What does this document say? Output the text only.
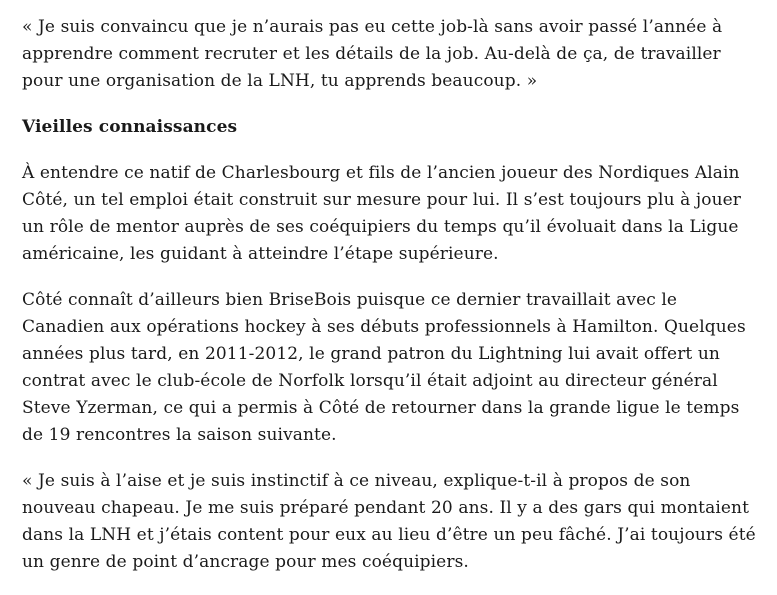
« Je suis convaincu que je n’aurais pas eu cette job-là sans avoir passé l’année à apprendre comment recruter et les détails de la job. Au-delà de ça, de travailler pour une organisation de la LNH, tu apprends beaucoup. »

Vieilles connaissances

À entendre ce natif de Charlesbourg et fils de l’ancien joueur des Nordiques Alain Côté, un tel emploi était construit sur mesure pour lui. Il s’est toujours plu à jouer un rôle de mentor auprès de ses coéquipiers du temps qu’il évoluait dans la Ligue américaine, les guidant à atteindre l’étape supérieure.

Côté connaît d’ailleurs bien BriseBois puisque ce dernier travaillait avec le Canadien aux opérations hockey à ses débuts professionnels à Hamilton. Quelques années plus tard, en 2011-2012, le grand patron du Lightning lui avait offert un contrat avec le club-école de Norfolk lorsqu’il était adjoint au directeur général Steve Yzerman, ce qui a permis à Côté de retourner dans la grande ligue le temps de 19 rencontres la saison suivante.

« Je suis à l’aise et je suis instinctif à ce niveau, explique-t-il à propos de son nouveau chapeau. Je me suis préparé pendant 20 ans. Il y a des gars qui montaient dans la LNH et j’étais content pour eux au lieu d’être un peu fâché. J’ai toujours été un genre de point d’ancrage pour mes coéquipiers.
